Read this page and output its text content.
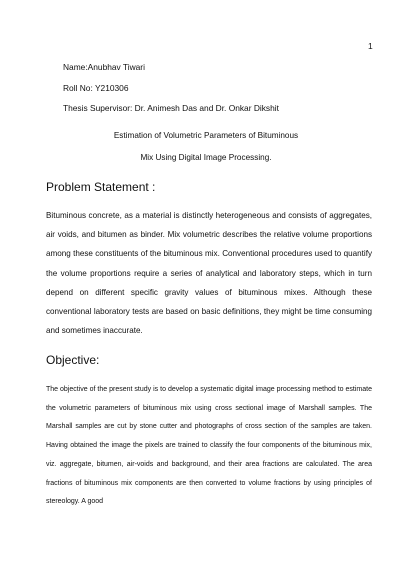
1
Name:Anubhav Tiwari
Roll No: Y210306
Thesis Supervisor: Dr. Animesh Das and Dr. Onkar Dikshit
Estimation of Volumetric Parameters of Bituminous
Mix Using Digital Image Processing.
Problem Statement :

Bituminous concrete, as a material is distinctly heterogeneous and consists of aggregates, air voids, and bitumen as binder. Mix volumetric describes the relative volume proportions among these constituents of the bituminous mix. Conventional procedures used to quantify the volume proportions require a series of analytical and laboratory steps, which in turn depend on different specific gravity values of bituminous mixes. Although these conventional laboratory tests are based on basic definitions, they might be time consuming and sometimes inaccurate.

Objective:

The objective of the present study is to develop a systematic digital image processing method to estimate the volumetric parameters of bituminous mix using cross sectional image of Marshall samples. The Marshall samples are cut by stone cutter and photographs of cross section of the samples are taken. Having obtained the image the pixels are trained to classify the four components of the bituminous mix, viz. aggregate, bitumen, air-voids and background, and their area fractions are calculated. The area fractions of bituminous mix components are then converted to volume fractions by using principles of stereology. A good
